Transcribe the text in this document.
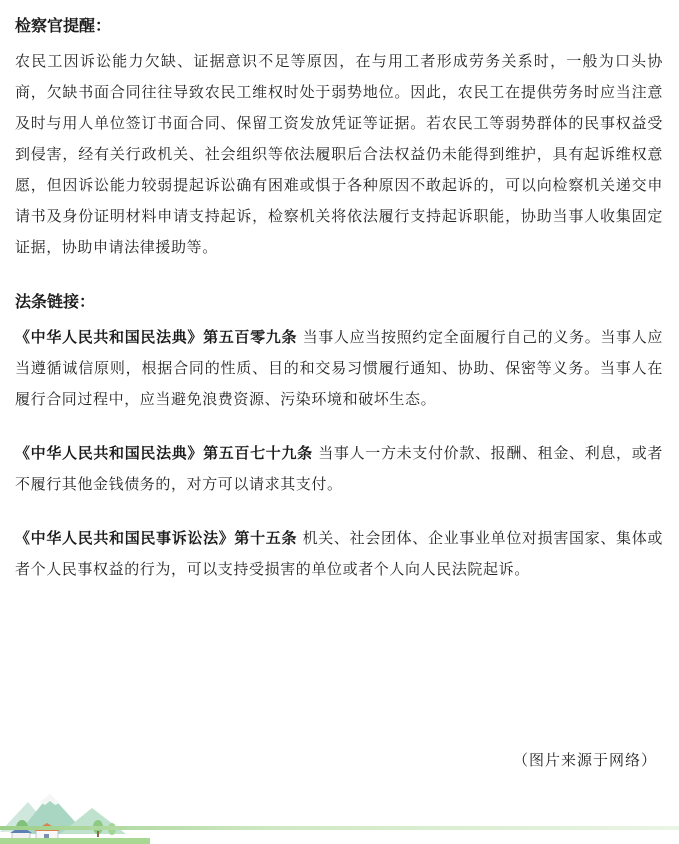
检察官提醒：

农民工因诉讼能力欠缺、证据意识不足等原因，在与用工者形成劳务关系时，一般为口头协商，欠缺书面合同往往导致农民工维权时处于弱势地位。因此，农民工在提供劳务时应当注意及时与用人单位签订书面合同、保留工资发放凭证等证据。若农民工等弱势群体的民事权益受到侵害，经有关行政机关、社会组织等依法履职后合法权益仍未能得到维护，具有起诉维权意愿，但因诉讼能力较弱提起诉讼确有困难或惧于各种原因不敢起诉的，可以向检察机关递交申请书及身份证明材料申请支持起诉，检察机关将依法履行支持起诉职能，协助当事人收集固定证据，协助申请法律援助等。

法条链接：

《中华人民共和国民法典》第五百零九条 当事人应当按照约定全面履行自己的义务。当事人应当遵循诚信原则，根据合同的性质、目的和交易习惯履行通知、协助、保密等义务。当事人在履行合同过程中，应当避免浪费资源、污染环境和破坏生态。

《中华人民共和国民法典》第五百七十九条 当事人一方未支付价款、报酬、租金、利息，或者不履行其他金钱债务的，对方可以请求其支付。

《中华人民共和国民事诉讼法》第十五条 机关、社会团体、企业事业单位对损害国家、集体或者个人民事权益的行为，可以支持受损害的单位或者个人向人民法院起诉。

（图片来源于网络）
